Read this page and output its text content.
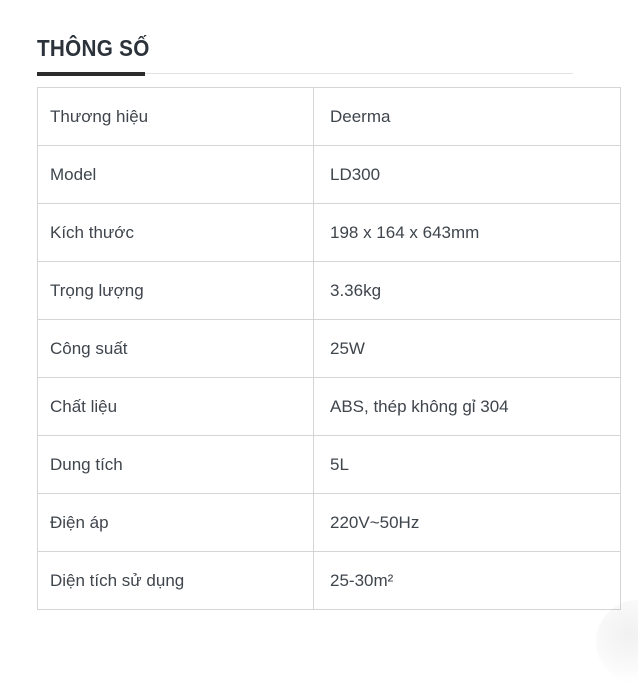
THÔNG SỐ
Thương hiệu	Deerma
Model	LD300
Kích thước	198 x 164 x 643mm
Trọng lượng	3.36kg
Công suất	25W
Chất liệu	ABS, thép không gỉ 304
Dung tích	5L
Điện áp	220V~50Hz
Diện tích sử dụng	25-30m²
